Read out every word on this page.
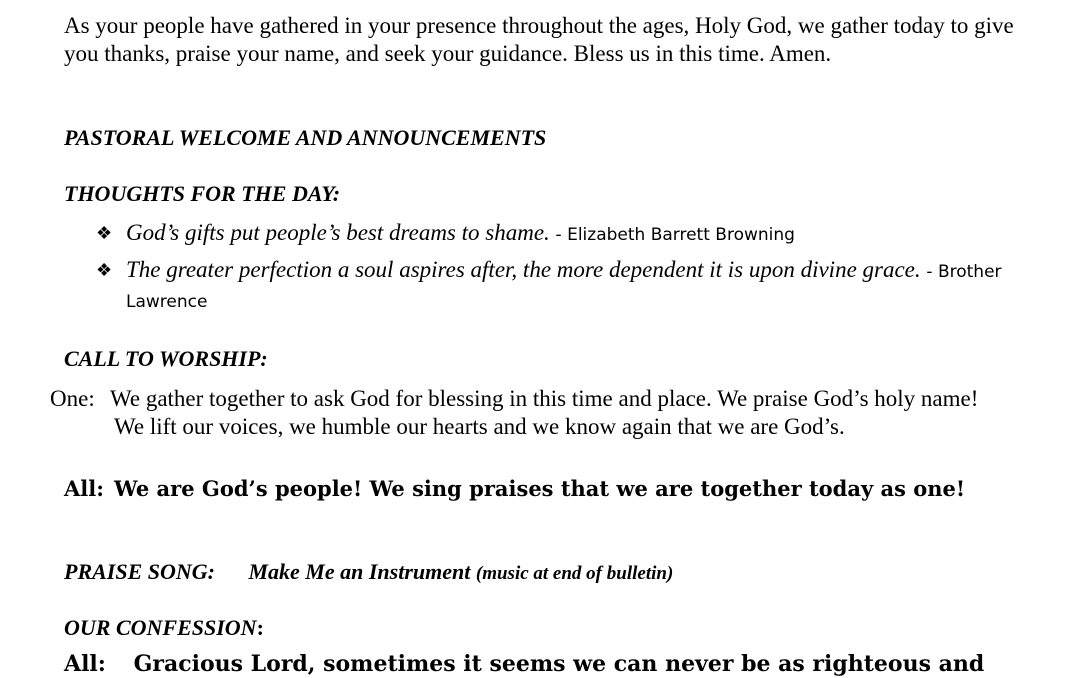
As your people have gathered in your presence throughout the ages, Holy God, we gather today to give you thanks, praise your name, and seek your guidance. Bless us in this time. Amen.
PASTORAL WELCOME AND ANNOUNCEMENTS
THOUGHTS FOR THE DAY:
❖ God’s gifts put people’s best dreams to shame. - Elizabeth Barrett Browning
❖ The greater perfection a soul aspires after, the more dependent it is upon divine grace. - Brother Lawrence
CALL TO WORSHIP:
One: We gather together to ask God for blessing in this time and place. We praise God’s holy name! We lift our voices, we humble our hearts and we know again that we are God’s.
All: We are God’s people! We sing praises that we are together today as one!
PRAISE SONG: Make Me an Instrument (music at end of bulletin)
OUR CONFESSION:
All: Gracious Lord, sometimes it seems we can never be as righteous and
